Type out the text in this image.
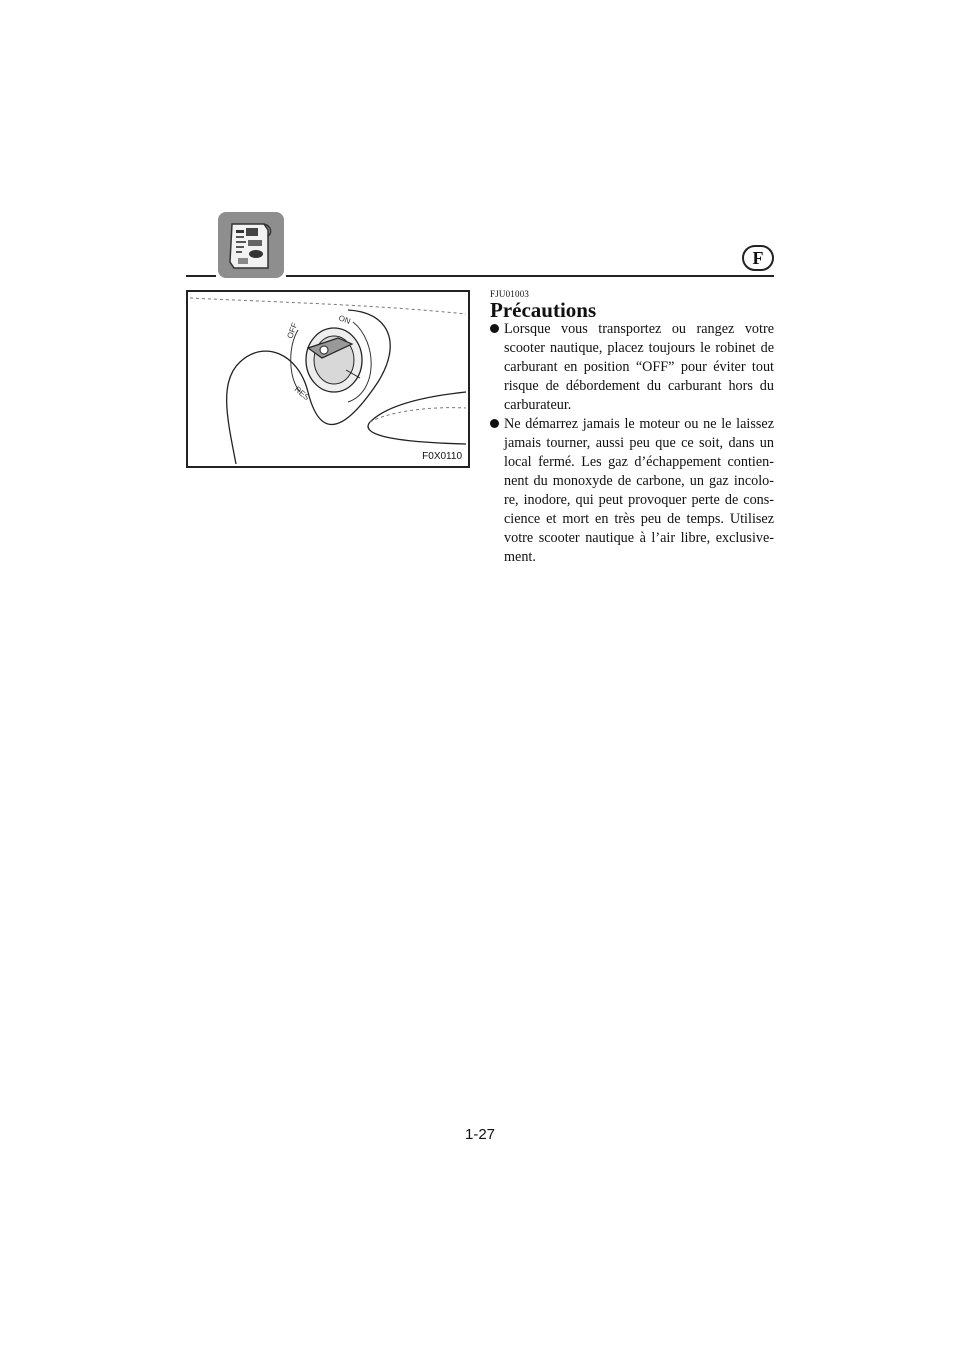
F
OFF
ON
RES
F0X0110
FJU01003
Précautions
Lorsque vous transportez ou rangez votre scooter nautique, placez toujours le robinet de carburant en position “OFF” pour éviter tout risque de débordement du carburant hors du carburateur.
Ne démarrez jamais le moteur ou ne le laissez jamais tourner, aussi peu que ce soit, dans un local fermé. Les gaz d’échappement contien-nent du monoxyde de carbone, un gaz incolo-re, inodore, qui peut provoquer perte de cons-cience et mort en très peu de temps. Utilisez votre scooter nautique à l’air libre, exclusive-ment.
1-27
